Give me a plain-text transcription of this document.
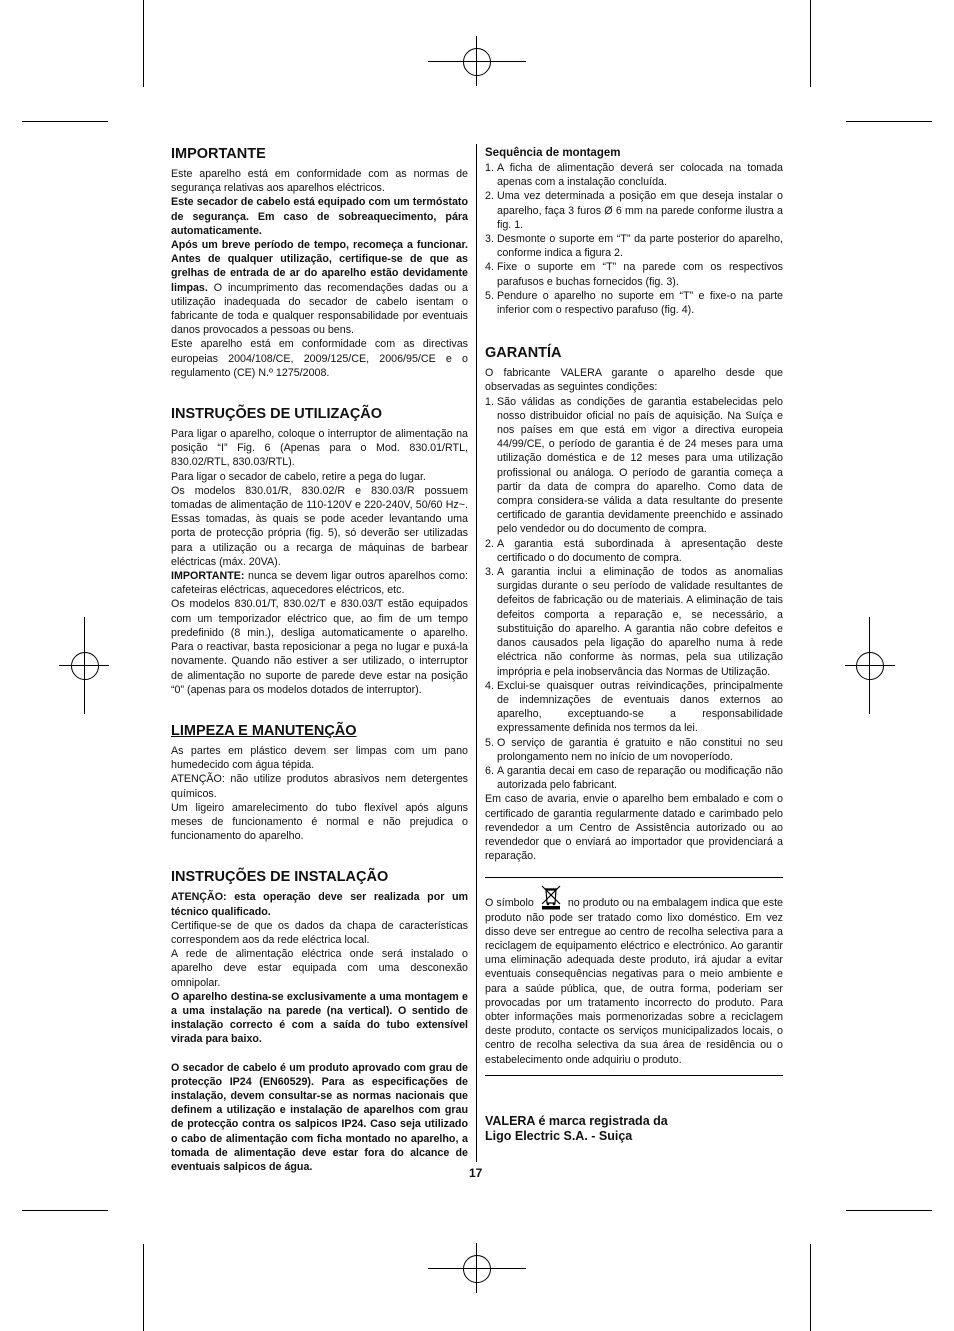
IMPORTANTE

Este aparelho está em conformidade com as normas de segurança relativas aos aparelhos eléctricos.

Este secador de cabelo está equipado com um termóstato de segurança. Em caso de sobreaquecimento, pára automaticamente.

Após um breve período de tempo, recomeça a funcionar. Antes de qualquer utilização, certifique-se de que as grelhas de entrada de ar do aparelho estão devidamente limpas. O incumprimento das recomendações dadas ou a utilização inadequada do secador de cabelo isentam o fabricante de toda e qualquer responsabilidade por eventuais danos provocados a pessoas ou bens.

Este aparelho está em conformidade com as directivas europeias 2004/108/CE, 2009/125/CE, 2006/95/CE e o regulamento (CE) N.º 1275/2008.

INSTRUÇÕES DE UTILIZAÇÃO

Para ligar o aparelho, coloque o interruptor de alimentação na posição “I” Fig. 6 (Apenas para o Mod. 830.01/RTL, 830.02/RTL, 830.03/RTL).

Para ligar o secador de cabelo, retire a pega do lugar.

Os modelos 830.01/R, 830.02/R e 830.03/R possuem tomadas de alimentação de 110-120V e 220-240V, 50/60 Hz~. Essas tomadas, às quais se pode aceder levantando uma porta de protecção própria (fig. 5), só deverão ser utilizadas para a utilização ou a recarga de máquinas de barbear eléctricas (máx. 20VA).

IMPORTANTE: nunca se devem ligar outros aparelhos como: cafeteiras eléctricas, aquecedores eléctricos, etc.

Os modelos 830.01/T, 830.02/T e 830.03/T estão equipados com um temporizador eléctrico que, ao fim de um tempo predefinido (8 min.), desliga automaticamente o aparelho. Para o reactivar, basta reposicionar a pega no lugar e puxá-la novamente. Quando não estiver a ser utilizado, o interruptor de alimentação no suporte de parede deve estar na posição “0” (apenas para os modelos dotados de interruptor).

LIMPEZA E MANUTENÇÃO

As partes em plástico devem ser limpas com um pano humedecido com água tépida.

ATENÇÃO: não utilize produtos abrasivos nem detergentes químicos.

Um ligeiro amarelecimento do tubo flexível após alguns meses de funcionamento é normal e não prejudica o funcionamento do aparelho.

INSTRUÇÕES DE INSTALAÇÃO

ATENÇÃO: esta operação deve ser realizada por um técnico qualificado.

Certifique-se de que os dados da chapa de características correspondem aos da rede eléctrica local.

A rede de alimentação eléctrica onde será instalado o aparelho deve estar equipada com uma desconexão omnipolar.

O aparelho destina-se exclusivamente a uma montagem e a uma instalação na parede (na vertical). O sentido de instalação correcto é com a saída do tubo extensível virada para baixo.

O secador de cabelo é um produto aprovado com grau de protecção IP24 (EN60529). Para as especificações de instalação, devem consultar-se as normas nacionais que definem a utilização e instalação de aparelhos com grau de protecção contra os salpicos IP24. Caso seja utilizado o cabo de alimentação com ficha montado no aparelho, a tomada de alimentação deve estar fora do alcance de eventuais salpicos de água.

Sequência de montagem

1. A ficha de alimentação deverá ser colocada na tomada apenas com a instalação concluída.
2. Uma vez determinada a posição em que deseja instalar o aparelho, faça 3 furos Ø 6 mm na parede conforme ilustra a fig. 1.
3. Desmonte o suporte em “T” da parte posterior do aparelho, conforme indica a figura 2.
4. Fixe o suporte em “T” na parede com os respectivos parafusos e buchas fornecidos (fig. 3).
5. Pendure o aparelho no suporte em “T” e fixe-o na parte inferior com o respectivo parafuso (fig. 4).
GARANTÍA

O fabricante VALERA garante o aparelho desde que observadas as seguintes condições:

1. São válidas as condições de garantia estabelecidas pelo nosso distribuidor oficial no país de aquisição. Na Suíça e nos países em que está em vigor a directiva europeia 44/99/CE, o período de garantia é de 24 meses para uma utilização doméstica e de 12 meses para uma utilização profissional ou análoga. O período de garantia começa a partir da data de compra do aparelho. Como data de compra considera-se válida a data resultante do presente certificado de garantia devidamente preenchido e assinado pelo vendedor ou do documento de compra.
2. A garantia está subordinada à apresentação deste certificado o do documento de compra.
3. A garantia inclui a eliminação de todos as anomalias surgidas durante o seu período de validade resultantes de defeitos de fabricação ou de materiais. A eliminação de tais defeitos comporta a reparação e, se necessário, a substituição do aparelho. A garantia não cobre defeitos e danos causados pela ligação do aparelho numa à rede eléctrica não conforme às normas, pela sua utilização imprópria e pela inobservância das Normas de Utilização.
4. Exclui-se quaisquer outras reivindicações, principalmente de indemnizações de eventuais danos externos ao aparelho, exceptuando-se a responsabilidade expressamente definida nos termos da lei.
5. O serviço de garantia é gratuito e não constitui no seu prolongamento nem no início de um novoperíodo.
6. A garantia decai em caso de reparação ou modificação não autorizada pelo fabricant.

Em caso de avaria, envie o aparelho bem embalado e com o certificado de garantia regularmente datado e carimbado pelo revendedor a um Centro de Assistência autorizado ou ao revendedor que o enviará ao importador que providenciará a reparação.

O símbolo	no produto ou na embalagem indica que este produto não pode ser tratado como lixo doméstico. Em vez disso deve ser entregue ao centro de recolha selectiva para a reciclagem de equipamento eléctrico e electrónico. Ao garantir uma eliminação adequada deste produto, irá ajudar a evitar eventuais consequências negativas para o meio ambiente e para a saúde pública, que, de outra forma, poderiam ser provocadas por um tratamento incorrecto do produto. Para obter informações mais pormenorizadas sobre a reciclagem deste produto, contacte os serviços municipalizados locais, o centro de recolha selectiva da sua área de residência ou o estabelecimento onde adquiriu o produto.

VALERA é marca registrada da
Ligo Electric S.A. - Suiça
17
